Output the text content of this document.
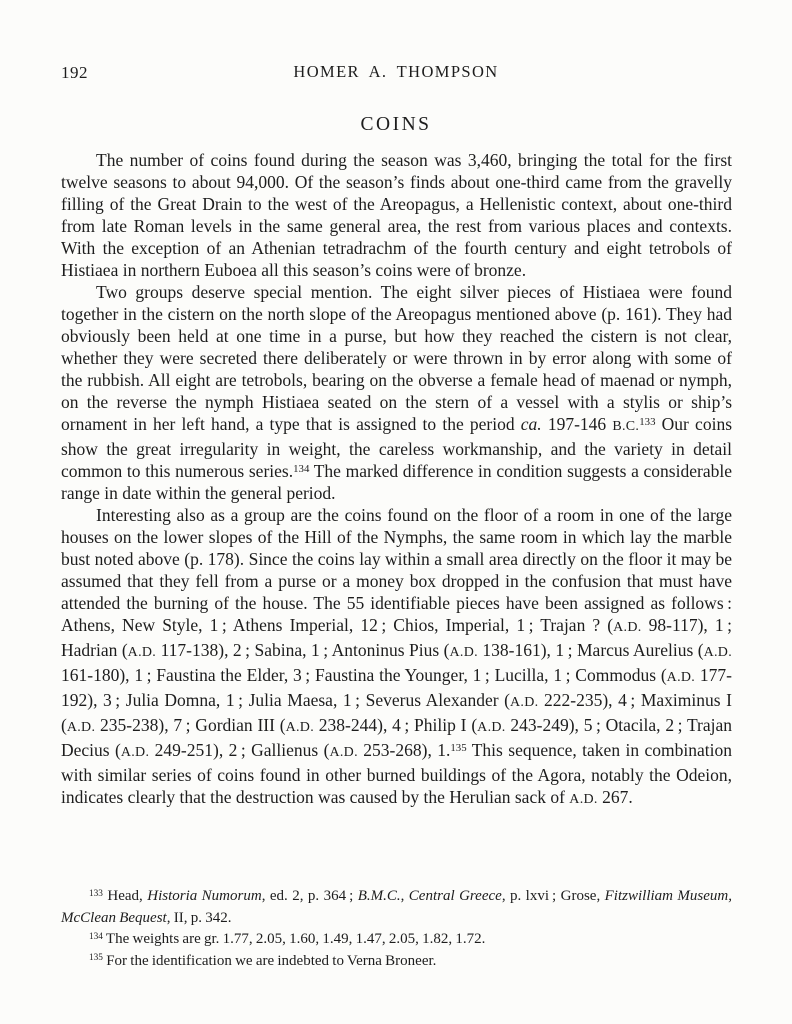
192	HOMER A. THOMPSON
COINS

The number of coins found during the season was 3,460, bringing the total for the first twelve seasons to about 94,000. Of the season’s finds about one-third came from the gravelly filling of the Great Drain to the west of the Areopagus, a Hellenistic context, about one-third from late Roman levels in the same general area, the rest from various places and contexts. With the exception of an Athenian tetradrachm of the fourth century and eight tetrobols of Histiaea in northern Euboea all this season’s coins were of bronze.

Two groups deserve special mention. The eight silver pieces of Histiaea were found together in the cistern on the north slope of the Areopagus mentioned above (p. 161). They had obviously been held at one time in a purse, but how they reached the cistern is not clear, whether they were secreted there deliberately or were thrown in by error along with some of the rubbish. All eight are tetrobols, bearing on the obverse a female head of maenad or nymph, on the reverse the nymph Histiaea seated on the stern of a vessel with a stylis or ship’s ornament in her left hand, a type that is assigned to the period ca. 197-146 B.C.$^{133}$ Our coins show the great irregularity in weight, the careless workmanship, and the variety in detail common to this numerous series.$^{134}$ The marked difference in condition suggests a considerable range in date within the general period.

Interesting also as a group are the coins found on the floor of a room in one of the large houses on the lower slopes of the Hill of the Nymphs, the same room in which lay the marble bust noted above (p. 178). Since the coins lay within a small area directly on the floor it may be assumed that they fell from a purse or a money box dropped in the confusion that must have attended the burning of the house. The 55 identifiable pieces have been assigned as follows : Athens, New Style, 1 ; Athens Imperial, 12 ; Chios, Imperial, 1 ; Trajan ? (A.D. 98-117), 1 ; Hadrian (A.D. 117-138), 2 ; Sabina, 1 ; Antoninus Pius (A.D. 138-161), 1 ; Marcus Aurelius (A.D. 161-180), 1 ; Faustina the Elder, 3 ; Faustina the Younger, 1 ; Lucilla, 1 ; Commodus (A.D. 177-192), 3 ; Julia Domna, 1 ; Julia Maesa, 1 ; Severus Alexander (A.D. 222-235), 4 ; Maximinus I (A.D. 235-238), 7 ; Gordian III (A.D. 238-244), 4 ; Philip I (A.D. 243-249), 5 ; Otacila, 2 ; Trajan Decius (A.D. 249-251), 2 ; Gallienus (A.D. 253-268), 1.$^{135}$ This sequence, taken in combination with similar series of coins found in other burned buildings of the Agora, notably the Odeion, indicates clearly that the destruction was caused by the Herulian sack of A.D. 267.

$^{133}$ Head, Historia Numorum, ed. 2, p. 364 ; B.M.C., Central Greece, p. lxvi ; Grose, Fitzwilliam Museum, McClean Bequest, II, p. 342.

$^{134}$ The weights are gr. 1.77, 2.05, 1.60, 1.49, 1.47, 2.05, 1.82, 1.72.

$^{135}$ For the identification we are indebted to Verna Broneer.
